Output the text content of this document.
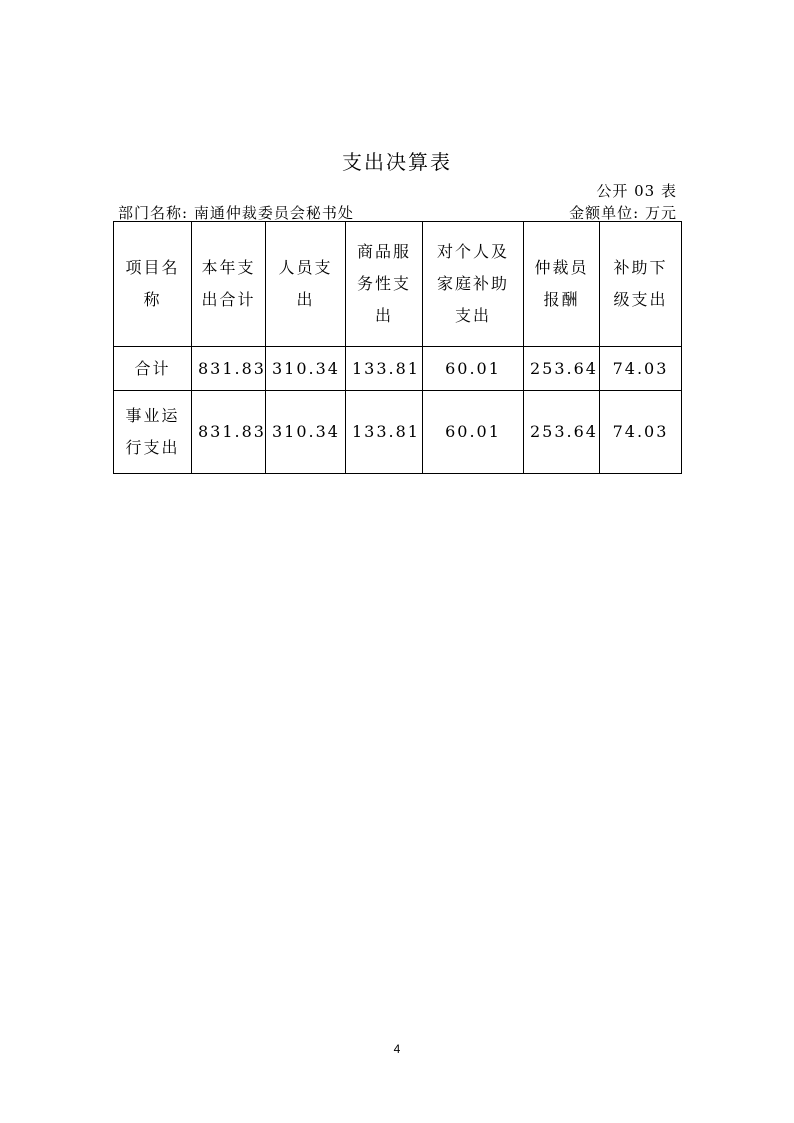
支出决算表
公开 03 表
部门名称: 南通仲裁委员会秘书处	金额单位: 万元
项目名称	本年支出合计	人员支出	商品服务性支出	对个人及家庭补助支出	仲裁员报酬	补助下级支出
合计	831.83	310.34	133.81	60.01	253.64	74.03
事业运行支出	831.83	310.34	133.81	60.01	253.64	74.03
4
